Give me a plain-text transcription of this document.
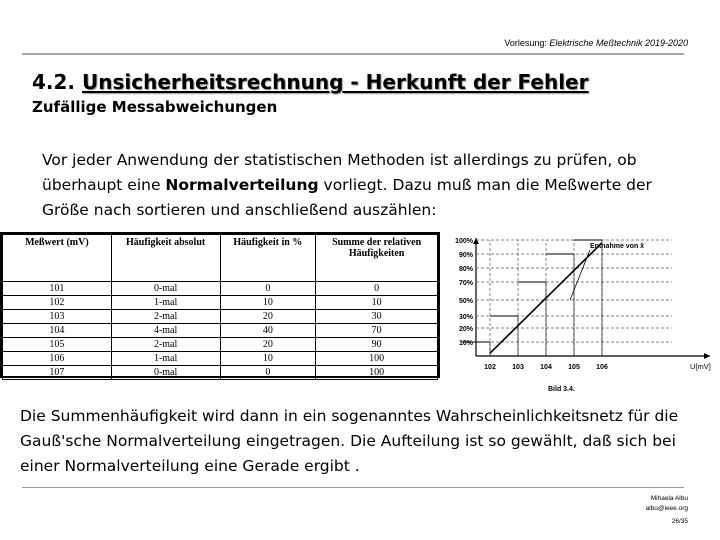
Vorlesung: Elektrische Meßtechnik 2019-2020
4.2. Unsicherheitsrechnung - Herkunft der Fehler
Zufällige Messabweichungen
Vor jeder Anwendung der statistischen Methoden ist allerdings zu prüfen, ob überhaupt eine Normalverteilung vorliegt. Dazu muß man die Meßwerte der Größe nach sortieren und anschließend auszählen:
Meßwert (mV)	Häufigkeit absolut	Häufigkeit in %	Summe der relativen Häufigkeiten
101	0-mal	0	0
102	1-mal	10	10
103	2-mal	20	30
104	4-mal	40	70
105	2-mal	20	90
106	1-mal	10	100
107	0-mal	0	100
100%
90%
80%
70%
50%
30%
20%
10%
102 103 104 105 106
Entnahme von x̄
U[mV]
Bild 3.4.
Die Summenhäufigkeit wird dann in ein sogenanntes Wahrscheinlichkeitsnetz für die Gauß'sche Normalverteilung eingetragen. Die Aufteilung ist so gewählt, daß sich bei einer Normalverteilung eine Gerade ergibt .
Mihaela Albu
albu@ieee.org
26/35
